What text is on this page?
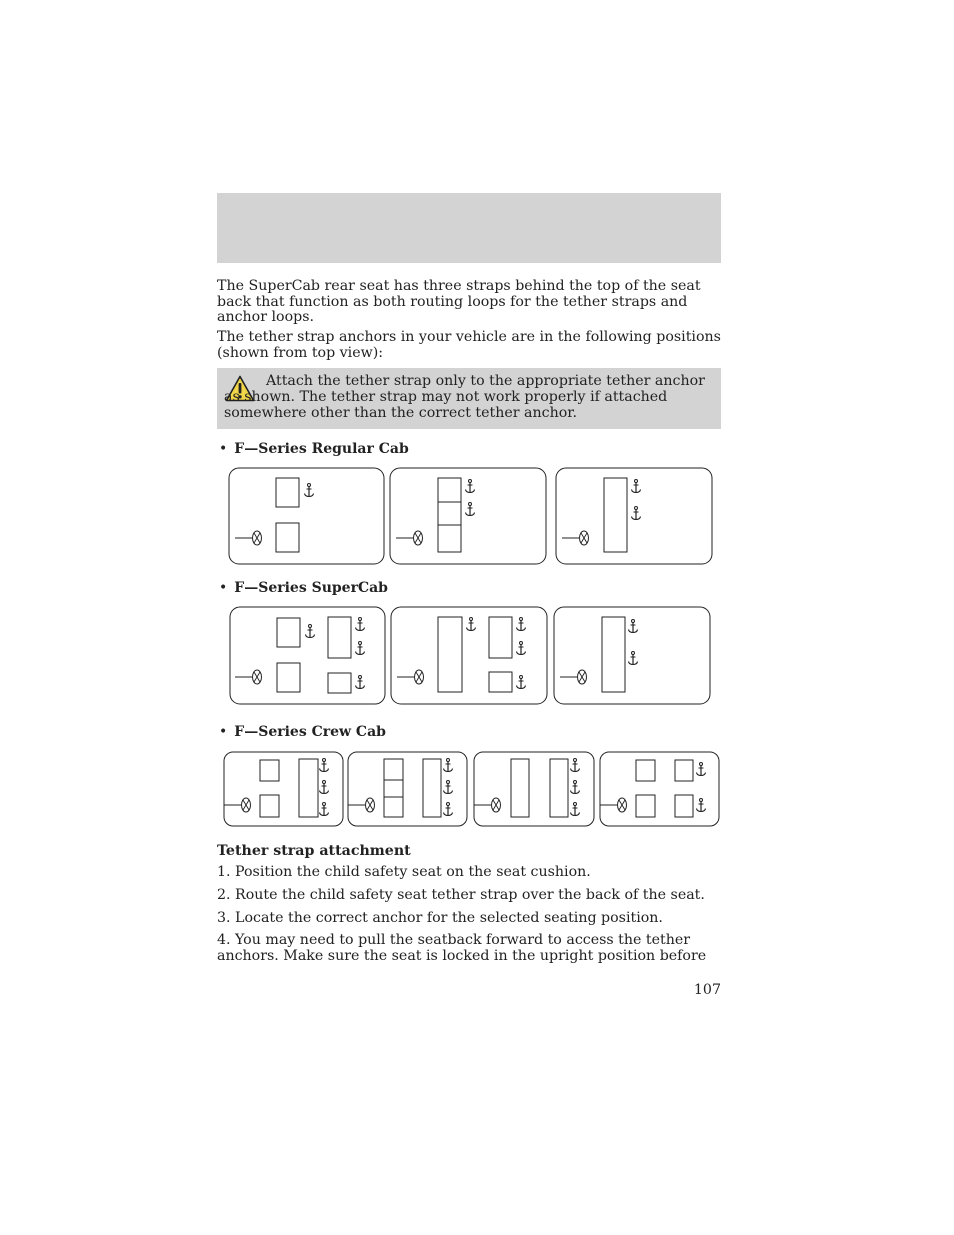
The SuperCab rear seat has three straps behind the top of the seat back that function as both routing loops for the tether straps and anchor loops.

The tether strap anchors in your vehicle are in the following positions (shown from top view):

Attach the tether strap only to the appropriate tether anchor as shown. The tether strap may not work properly if attached somewhere other than the correct tether anchor.

• F—Series Regular Cab
• F—Series SuperCab
• F—Series Crew Cab
Tether strap attachment

1. Position the child safety seat on the seat cushion.

2. Route the child safety seat tether strap over the back of the seat.

3. Locate the correct anchor for the selected seating position.

4. You may need to pull the seatback forward to access the tether anchors. Make sure the seat is locked in the upright position before

107
